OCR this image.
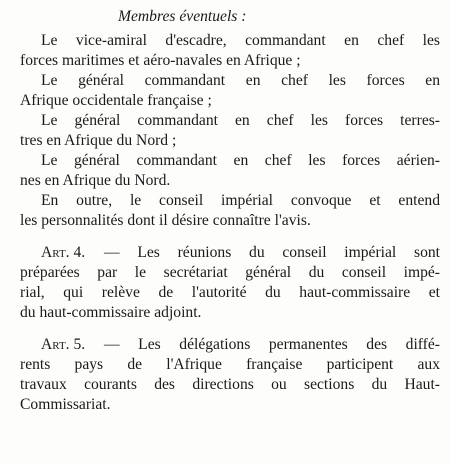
Membres éventuels :
Le vice-amiral d'escadre, commandant en chef les
forces maritimes et aéro-navales en Afrique ;
Le général commandant en chef les forces en
Afrique occidentale française ;
Le général commandant en chef les forces terres-
tres en Afrique du Nord ;
Le général commandant en chef les forces aérien-
nes en Afrique du Nord.
En outre, le conseil impérial convoque et entend
les personnalités dont il désire connaître l'avis.
Art. 4. — Les réunions du conseil impérial sont
préparées par le secrétariat général du conseil impé-
rial, qui relève de l'autorité du haut-commissaire et
du haut-commissaire adjoint.
Art. 5. — Les délégations permanentes des diffé-
rents pays de l'Afrique française participent aux
travaux courants des directions ou sections du Haut-
Commissariat.
